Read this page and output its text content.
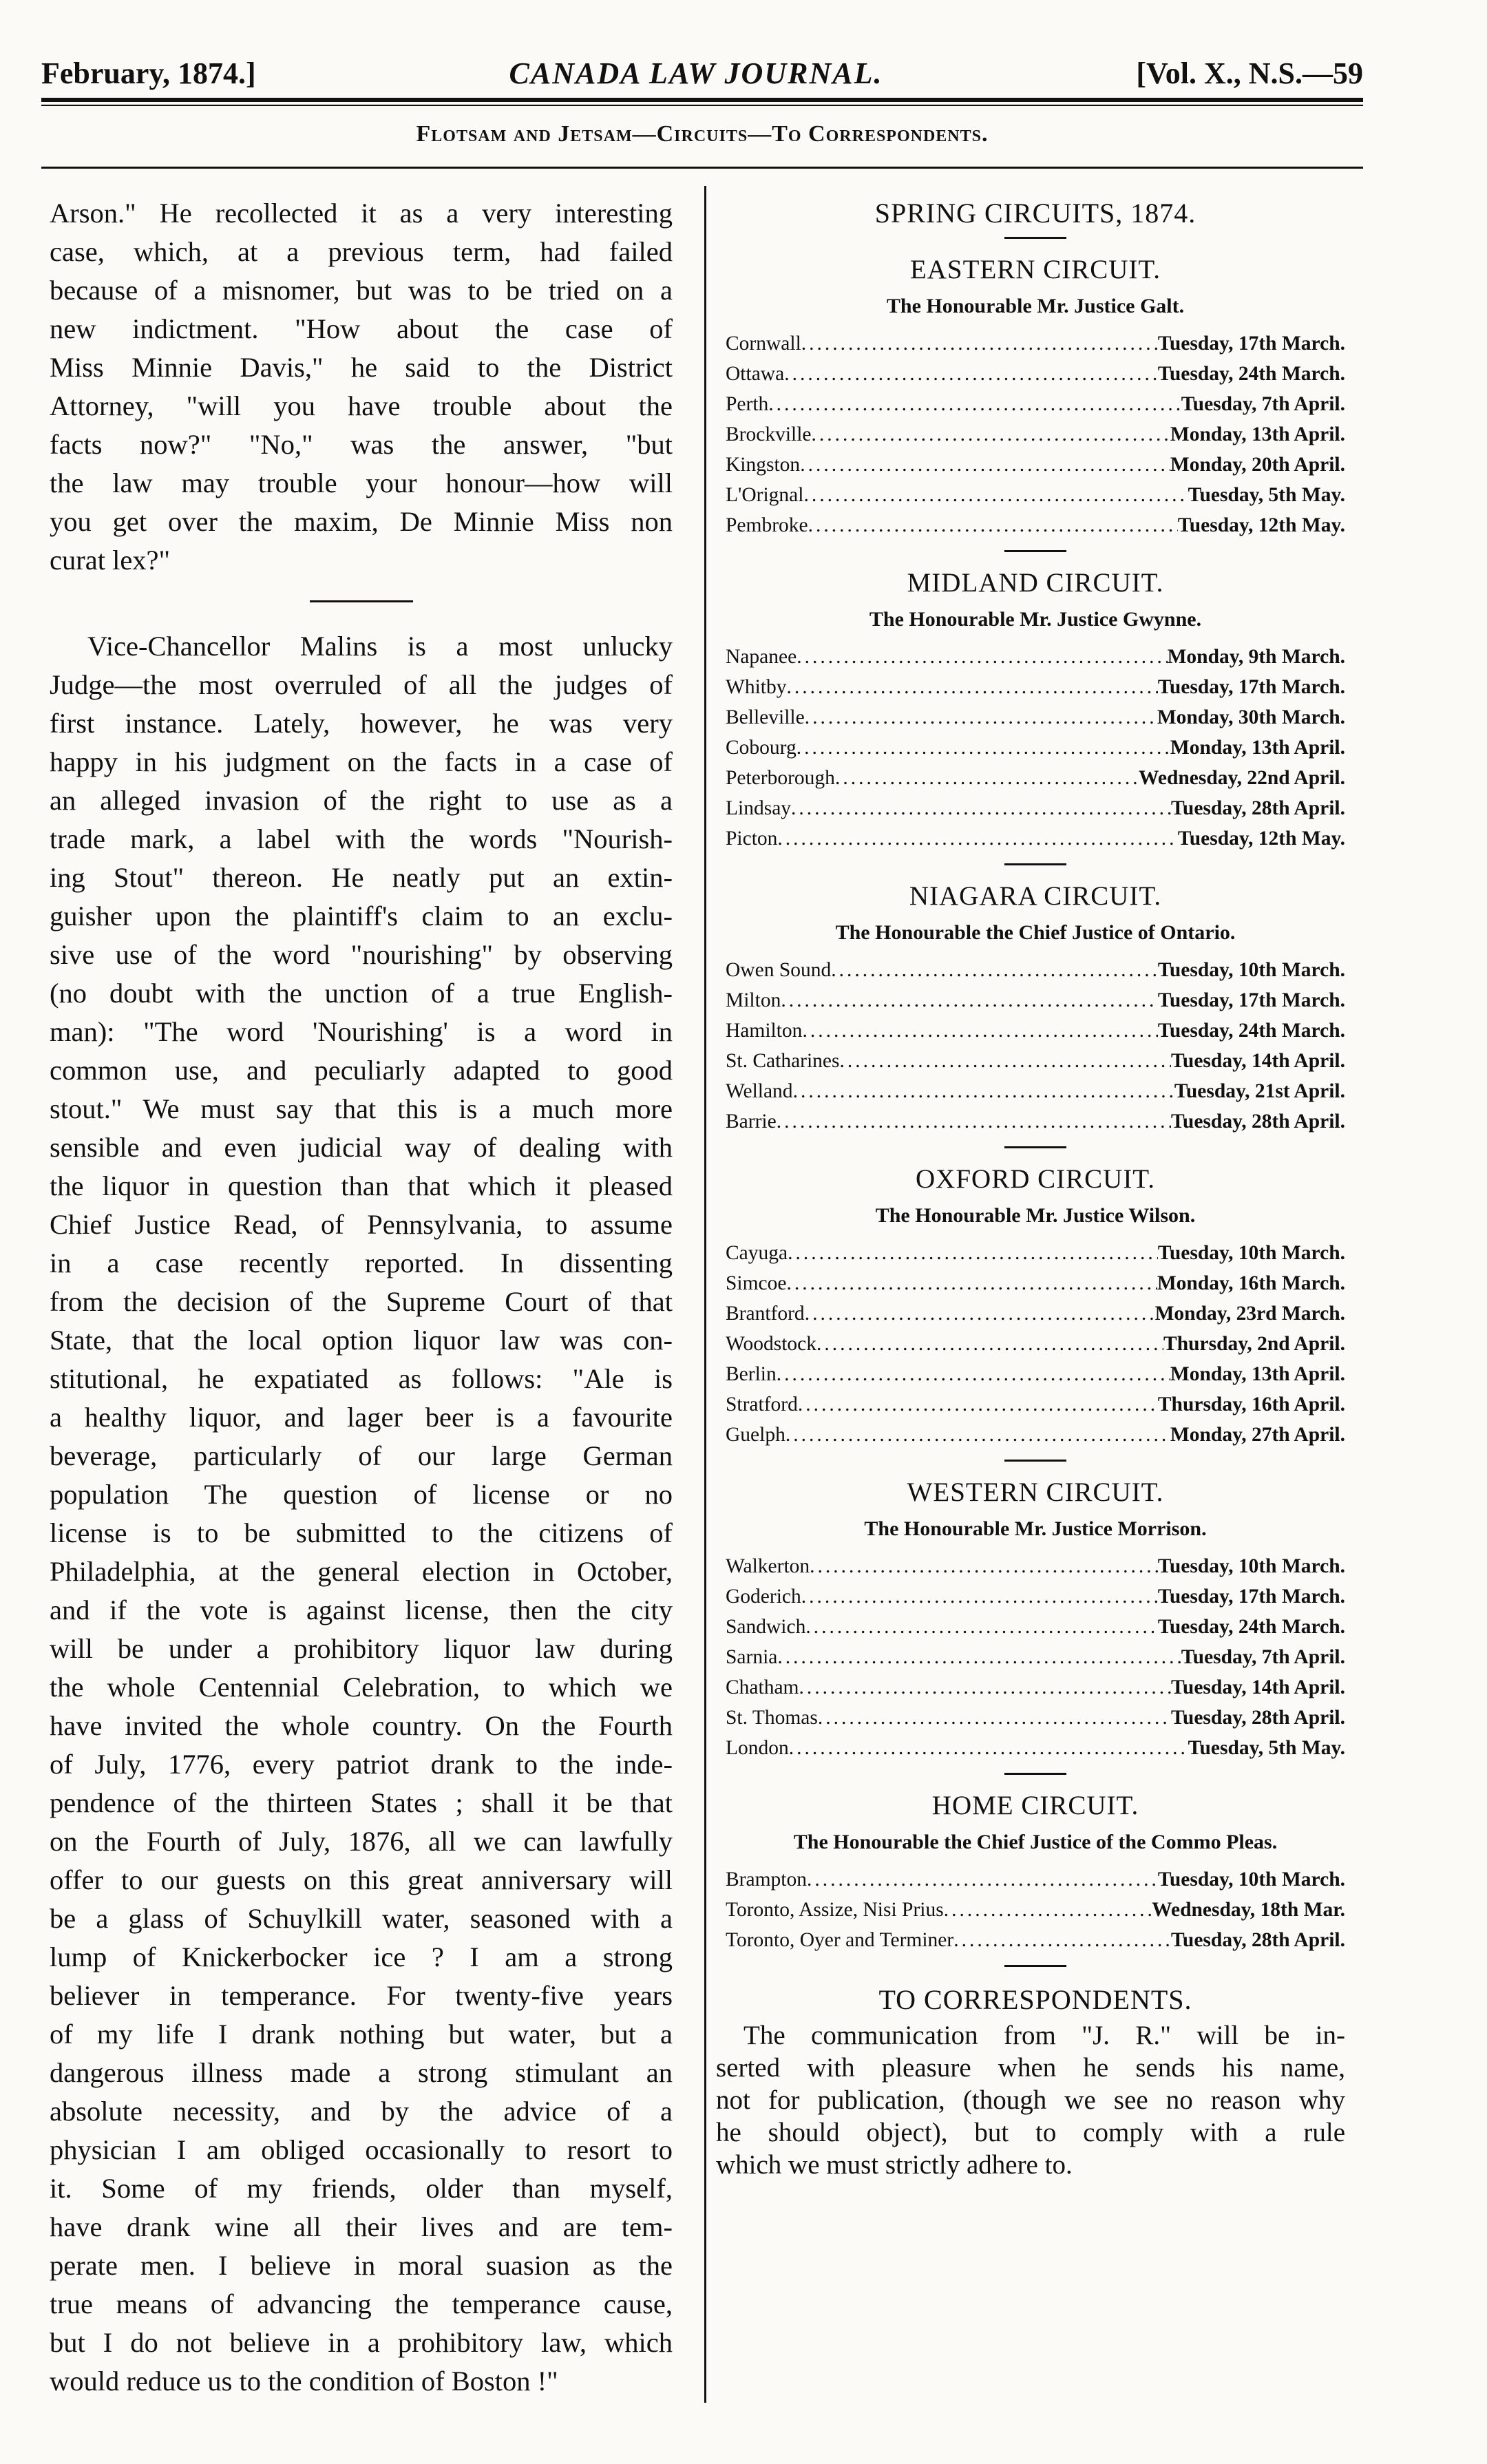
February, 1874.]	CANADA LAW JOURNAL.	[Vol. X., N.S.—59
Flotsam and Jetsam—Circuits—To Correspondents.
Arson." He recollected it as a very interesting
case, which, at a previous term, had failed
because of a misnomer, but was to be tried on a
new indictment. "How about the case of
Miss Minnie Davis," he said to the District
Attorney, "will you have trouble about the
facts now?" "No," was the answer, "but
the law may trouble your honour—how will
you get over the maxim, De Minnie Miss non
curat lex?"
Vice-Chancellor Malins is a most unlucky
Judge—the most overruled of all the judges of
first instance. Lately, however, he was very
happy in his judgment on the facts in a case of
an alleged invasion of the right to use as a
trade mark, a label with the words "Nourish-
ing Stout" thereon. He neatly put an extin-
guisher upon the plaintiff's claim to an exclu-
sive use of the word "nourishing" by observing
(no doubt with the unction of a true English-
man): "The word 'Nourishing' is a word in
common use, and peculiarly adapted to good
stout." We must say that this is a much more
sensible and even judicial way of dealing with
the liquor in question than that which it pleased
Chief Justice Read, of Pennsylvania, to assume
in a case recently reported. In dissenting
from the decision of the Supreme Court of that
State, that the local option liquor law was con-
stitutional, he expatiated as follows: "Ale is
a healthy liquor, and lager beer is a favourite
beverage, particularly of our large German
population The question of license or no
license is to be submitted to the citizens of
Philadelphia, at the general election in October,
and if the vote is against license, then the city
will be under a prohibitory liquor law during
the whole Centennial Celebration, to which we
have invited the whole country. On the Fourth
of July, 1776, every patriot drank to the inde-
pendence of the thirteen States ; shall it be that
on the Fourth of July, 1876, all we can lawfully
offer to our guests on this great anniversary will
be a glass of Schuylkill water, seasoned with a
lump of Knickerbocker ice ? I am a strong
believer in temperance. For twenty-five years
of my life I drank nothing but water, but a
dangerous illness made a strong stimulant an
absolute necessity, and by the advice of a
physician I am obliged occasionally to resort to
it. Some of my friends, older than myself,
have drank wine all their lives and are tem-
perate men. I believe in moral suasion as the
true means of advancing the temperance cause,
but I do not believe in a prohibitory law, which
would reduce us to the condition of Boston !"
SPRING CIRCUITS, 1874.
EASTERN CIRCUIT.
The Honourable Mr. Justice Galt.
Cornwall .....	Tuesday, 17th March.
Ottawa .....	Tuesday, 24th March.
Perth .....	Tuesday, 7th April.
Brockville .....	Monday, 13th April.
Kingston .....	Monday, 20th April.
L'Orignal .....	Tuesday, 5th May.
Pembroke .....	Tuesday, 12th May.
MIDLAND CIRCUIT.
The Honourable Mr. Justice Gwynne.
Napanee .....	Monday, 9th March.
Whitby .....	Tuesday, 17th March.
Belleville .....	Monday, 30th March.
Cobourg .....	Monday, 13th April.
Peterborough .....	Wednesday, 22nd April.
Lindsay .....	Tuesday, 28th April.
Picton .....	Tuesday, 12th May.
NIAGARA CIRCUIT.
The Honourable the Chief Justice of Ontario.
Owen Sound .....	Tuesday, 10th March.
Milton .....	Tuesday, 17th March.
Hamilton .....	Tuesday, 24th March.
St. Catharines .....	Tuesday, 14th April.
Welland .....	Tuesday, 21st April.
Barrie .....	Tuesday, 28th April.
OXFORD CIRCUIT.
The Honourable Mr. Justice Wilson.
Cayuga .....	Tuesday, 10th March.
Simcoe .....	Monday, 16th March.
Brantford .....	Monday, 23rd March.
Woodstock .....	Thursday, 2nd April.
Berlin .....	Monday, 13th April.
Stratford .....	Thursday, 16th April.
Guelph .....	Monday, 27th April.
WESTERN CIRCUIT.
The Honourable Mr. Justice Morrison.
Walkerton .....	Tuesday, 10th March.
Goderich .....	Tuesday, 17th March.
Sandwich .....	Tuesday, 24th March.
Sarnia .....	Tuesday, 7th April.
Chatham .....	Tuesday, 14th April.
St. Thomas .....	Tuesday, 28th April.
London .....	Tuesday, 5th May.
HOME CIRCUIT.
The Honourable the Chief Justice of the Commo Pleas.
Brampton .....	Tuesday, 10th March.
Toronto, Assize, Nisi Prius .....	Wednesday, 18th Mar.
Toronto, Oyer and Terminer .....	Tuesday, 28th April.
TO CORRESPONDENTS.
The communication from "J. R." will be in-
serted with pleasure when he sends his name,
not for publication, (though we see no reason why
he should object), but to comply with a rule
which we must strictly adhere to.
